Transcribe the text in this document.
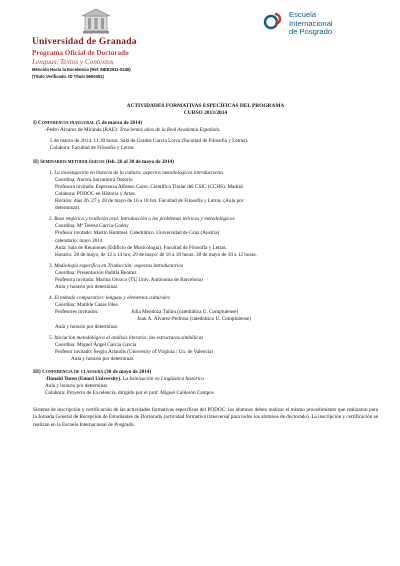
Universidad de Granada
Programa Oficial de Doctorado
Lenguas, Textos y Contextos
Mención Hacia la Excelencia (Ref. MEE2011-0246)
(Título Verificado. ID Título 5600351)
Escuela
Internacional
de Posgrado
ACTIVIDADES FORMATIVAS ESPECÍFICAS DEL PROGRAMA
CURSO 2013/2014
I) Conferencia inaugural (5 de marzo de 2014)
-Pedro Álvarez de Miranda (RAE): Trescientos años de la Real Academia Española.
5 de marzo de 2014. 11:30 horas. Sala de Grados García Lorca (Facultad de Filosofía y Letras).
Colabora: Facultad de Filosofía y Letras
II) Seminarios metodológicos (feb. 26 al 30 de mayo de 2014)
1. La investigación en historia de la cultura: aspectos metodológicos introductorios
Coordina: Aurora Salvatierra Ossorio
Profesora invitada: Esperanza Alfonso Carro. Científica Titular del CSIC (CCHS). Madrid.
Colabora: PODOC en Historia y Artes.
Horario: días 26, 27 y 28 de mayo de 16 a 18 hrs. Facultad de Filosofía y Letras. (Aula por
determinar).
2. Base empírica y tradición oral. Introducción a los problemas teóricos y metodológicos
Coordina: Mª Teresa García-Godoy
Profesor invitado: Martin Hummel. Catedrático. Universidad de Graz (Austria)
calendario: mayo 2014
Aula: Sala de Reuniones (Edificio de Musicología). Facultad de Filosofía y Letras.
Horario: 28 de mayo, de 12 a 14 hrs; 29 de mayo: de 16 a 18 horas. 30 de mayo de 10 a 12 horas.
3. Mediología específica en Traducción: aspectos introductorios
Coordina: Presentación Padilla Benítez
Profesora invitada: Marina Orozco (TU Univ. Autónoma de Barcelona)
Aula y horario por determinar.
4. El método comparativo: lenguas y elementos culturales
Coordina: Matilde Casas Olea
Profesores invitados:	Julia Mendoza Tuñón (catedrática U. Complutense)
Juan A. Álvarez-Pedrosa (catedrático U. Complutense)
Aula y horario por determinar.
5. Iniciación metodológica al análisis literario: las estructuras simbólicas
Coordina: Miguel Ángel García García
Profesor invitado: Sergio Arlandis (University of Virginia / Un. de Valencia)
Aula y horario por determinar.
III) Conferencia de clausura (30 de mayo de 2014)
-Donald Tuten (Emori University). La koinización en Lingüística histórica
Aula y horario por determinar.
Colabora: Proyecto de Excelencia, dirigido por el prof. Miguel Calderón Campos
Sistema de inscripción y certificación de las actividades formativas específicas del PODOC: los alumnos deben realizar el mismo procedimiento que realizaron para la Jornada General de Recepción de Estudiantes de Doctorado (actividad formativa transversal para todos los alumnos de doctorado). La inscripción y certificación se realizan en la Escuela Internacional de Posgrado.
